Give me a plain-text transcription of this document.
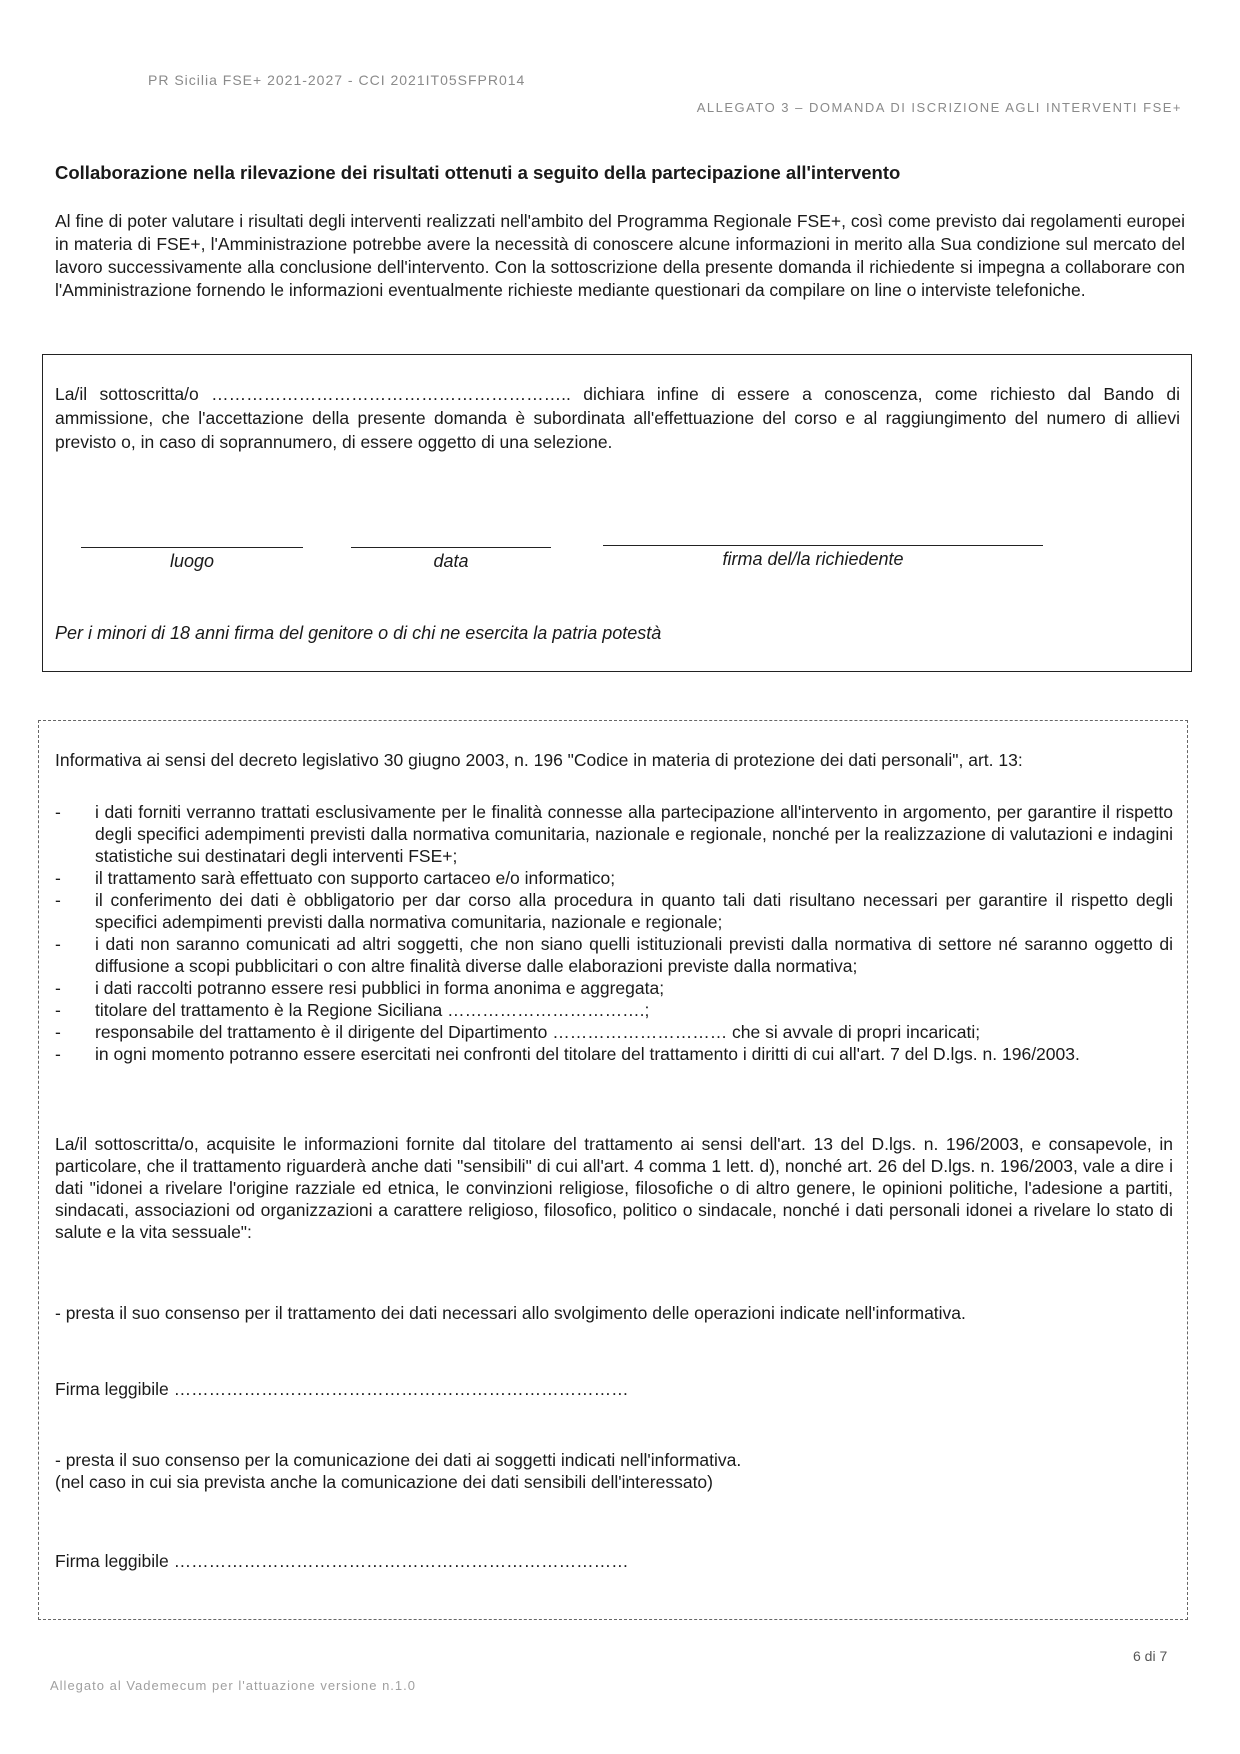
PR Sicilia FSE+ 2021-2027 - CCI 2021IT05SFPR014
ALLEGATO 3 – DOMANDA DI ISCRIZIONE AGLI INTERVENTI FSE+
Collaborazione nella rilevazione dei risultati ottenuti a seguito della partecipazione all'intervento
Al fine di poter valutare i risultati degli interventi realizzati nell'ambito del Programma Regionale FSE+, così come previsto dai regolamenti europei in materia di FSE+, l'Amministrazione potrebbe avere la necessità di conoscere alcune informazioni in merito alla Sua condizione sul mercato del lavoro successivamente alla conclusione dell'intervento. Con la sottoscrizione della presente domanda il richiedente si impegna a collaborare con l'Amministrazione fornendo le informazioni eventualmente richieste mediante questionari da compilare on line o interviste telefoniche.
La/il sottoscritta/o …………………………………………………….. dichiara infine di essere a conoscenza, come richiesto dal Bando di ammissione, che l'accettazione della presente domanda è subordinata all'effettuazione del corso e al raggiungimento del numero di allievi previsto o, in caso di soprannumero, di essere oggetto di una selezione.
luogo	data	firma del/la richiedente
Per i minori di 18 anni firma del genitore o di chi ne esercita la patria potestà
Informativa ai sensi del decreto legislativo 30 giugno 2003, n. 196 "Codice in materia di protezione dei dati personali", art. 13:
- i dati forniti verranno trattati esclusivamente per le finalità connesse alla partecipazione all'intervento in argomento, per garantire il rispetto degli specifici adempimenti previsti dalla normativa comunitaria, nazionale e regionale, nonché per la realizzazione di valutazioni e indagini statistiche sui destinatari degli interventi FSE+;
- il trattamento sarà effettuato con supporto cartaceo e/o informatico;
- il conferimento dei dati è obbligatorio per dar corso alla procedura in quanto tali dati risultano necessari per garantire il rispetto degli specifici adempimenti previsti dalla normativa comunitaria, nazionale e regionale;
- i dati non saranno comunicati ad altri soggetti, che non siano quelli istituzionali previsti dalla normativa di settore né saranno oggetto di diffusione a scopi pubblicitari o con altre finalità diverse dalle elaborazioni previste dalla normativa;
- i dati raccolti potranno essere resi pubblici in forma anonima e aggregata;
- titolare del trattamento è la Regione Siciliana …………………………….;
- responsabile del trattamento è il dirigente del Dipartimento ………………………… che si avvale di propri incaricati;
- in ogni momento potranno essere esercitati nei confronti del titolare del trattamento i diritti di cui all'art. 7 del D.lgs. n. 196/2003.
La/il sottoscritta/o, acquisite le informazioni fornite dal titolare del trattamento ai sensi dell'art. 13 del D.lgs. n. 196/2003, e consapevole, in particolare, che il trattamento riguarderà anche dati "sensibili" di cui all'art. 4 comma 1 lett. d), nonché art. 26 del D.lgs. n. 196/2003, vale a dire i dati "idonei a rivelare l'origine razziale ed etnica, le convinzioni religiose, filosofiche o di altro genere, le opinioni politiche, l'adesione a partiti, sindacati, associazioni od organizzazioni a carattere religioso, filosofico, politico o sindacale, nonché i dati personali idonei a rivelare lo stato di salute e la vita sessuale":
- presta il suo consenso per il trattamento dei dati necessari allo svolgimento delle operazioni indicate nell'informativa.
Firma leggibile ……………………………………………………………………
- presta il suo consenso per la comunicazione dei dati ai soggetti indicati nell'informativa.
(nel caso in cui sia prevista anche la comunicazione dei dati sensibili dell'interessato)
Firma leggibile ……………………………………………………………………
6 di 7
Allegato al Vademecum per l'attuazione versione n.1.0
